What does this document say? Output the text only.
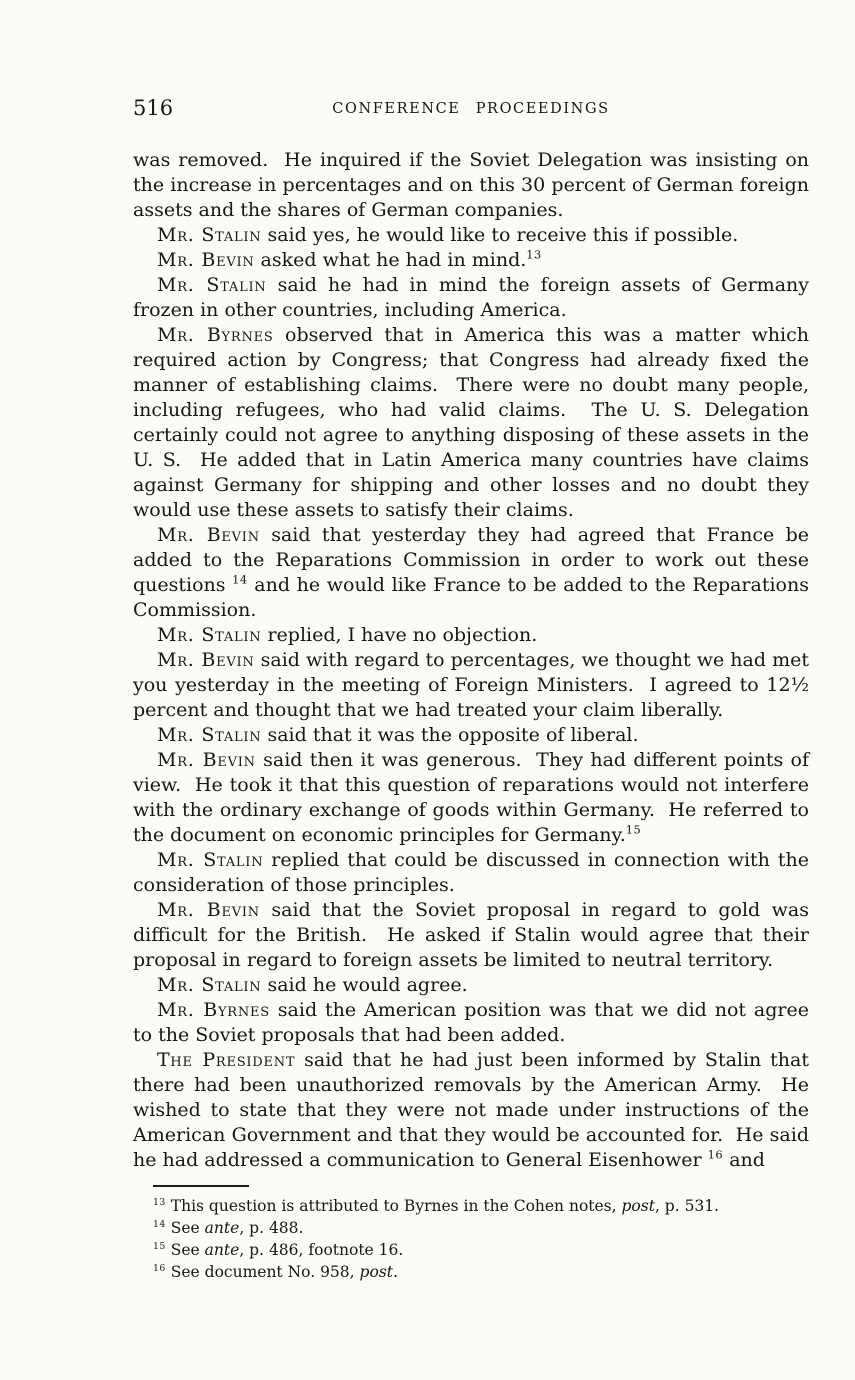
516	CONFERENCE PROCEEDINGS

was removed.  He inquired if the Soviet Delegation was insisting on the increase in percentages and on this 30 percent of German foreign assets and the shares of German companies.

Mr. Stalin said yes, he would like to receive this if possible.

Mr. Bevin asked what he had in mind.$^{13}$

Mr. Stalin said he had in mind the foreign assets of Germany frozen in other countries, including America.

Mr. Byrnes observed that in America this was a matter which required action by Congress; that Congress had already fixed the manner of establishing claims.  There were no doubt many people, including refugees, who had valid claims.  The U. S. Delegation certainly could not agree to anything disposing of these assets in the U. S.  He added that in Latin America many countries have claims against Germany for shipping and other losses and no doubt they would use these assets to satisfy their claims.

Mr. Bevin said that yesterday they had agreed that France be added to the Reparations Commission in order to work out these questions $^{14}$ and he would like France to be added to the Reparations Commission.

Mr. Stalin replied, I have no objection.

Mr. Bevin said with regard to percentages, we thought we had met you yesterday in the meeting of Foreign Ministers.  I agreed to 12½ percent and thought that we had treated your claim liberally.

Mr. Stalin said that it was the opposite of liberal.

Mr. Bevin said then it was generous.  They had different points of view.  He took it that this question of reparations would not interfere with the ordinary exchange of goods within Germany.  He referred to the document on economic principles for Germany.$^{15}$

Mr. Stalin replied that could be discussed in connection with the consideration of those principles.

Mr. Bevin said that the Soviet proposal in regard to gold was difficult for the British.  He asked if Stalin would agree that their proposal in regard to foreign assets be limited to neutral territory.

Mr. Stalin said he would agree.

Mr. Byrnes said the American position was that we did not agree to the Soviet proposals that had been added.

The President said that he had just been informed by Stalin that there had been unauthorized removals by the American Army.  He wished to state that they were not made under instructions of the American Government and that they would be accounted for.  He said he had addressed a communication to General Eisenhower $^{16}$ and

$^{13}$ This question is attributed to Byrnes in the Cohen notes, post, p. 531.

$^{14}$ See ante, p. 488.

$^{15}$ See ante, p. 486, footnote 16.

$^{16}$ See document No. 958, post.
